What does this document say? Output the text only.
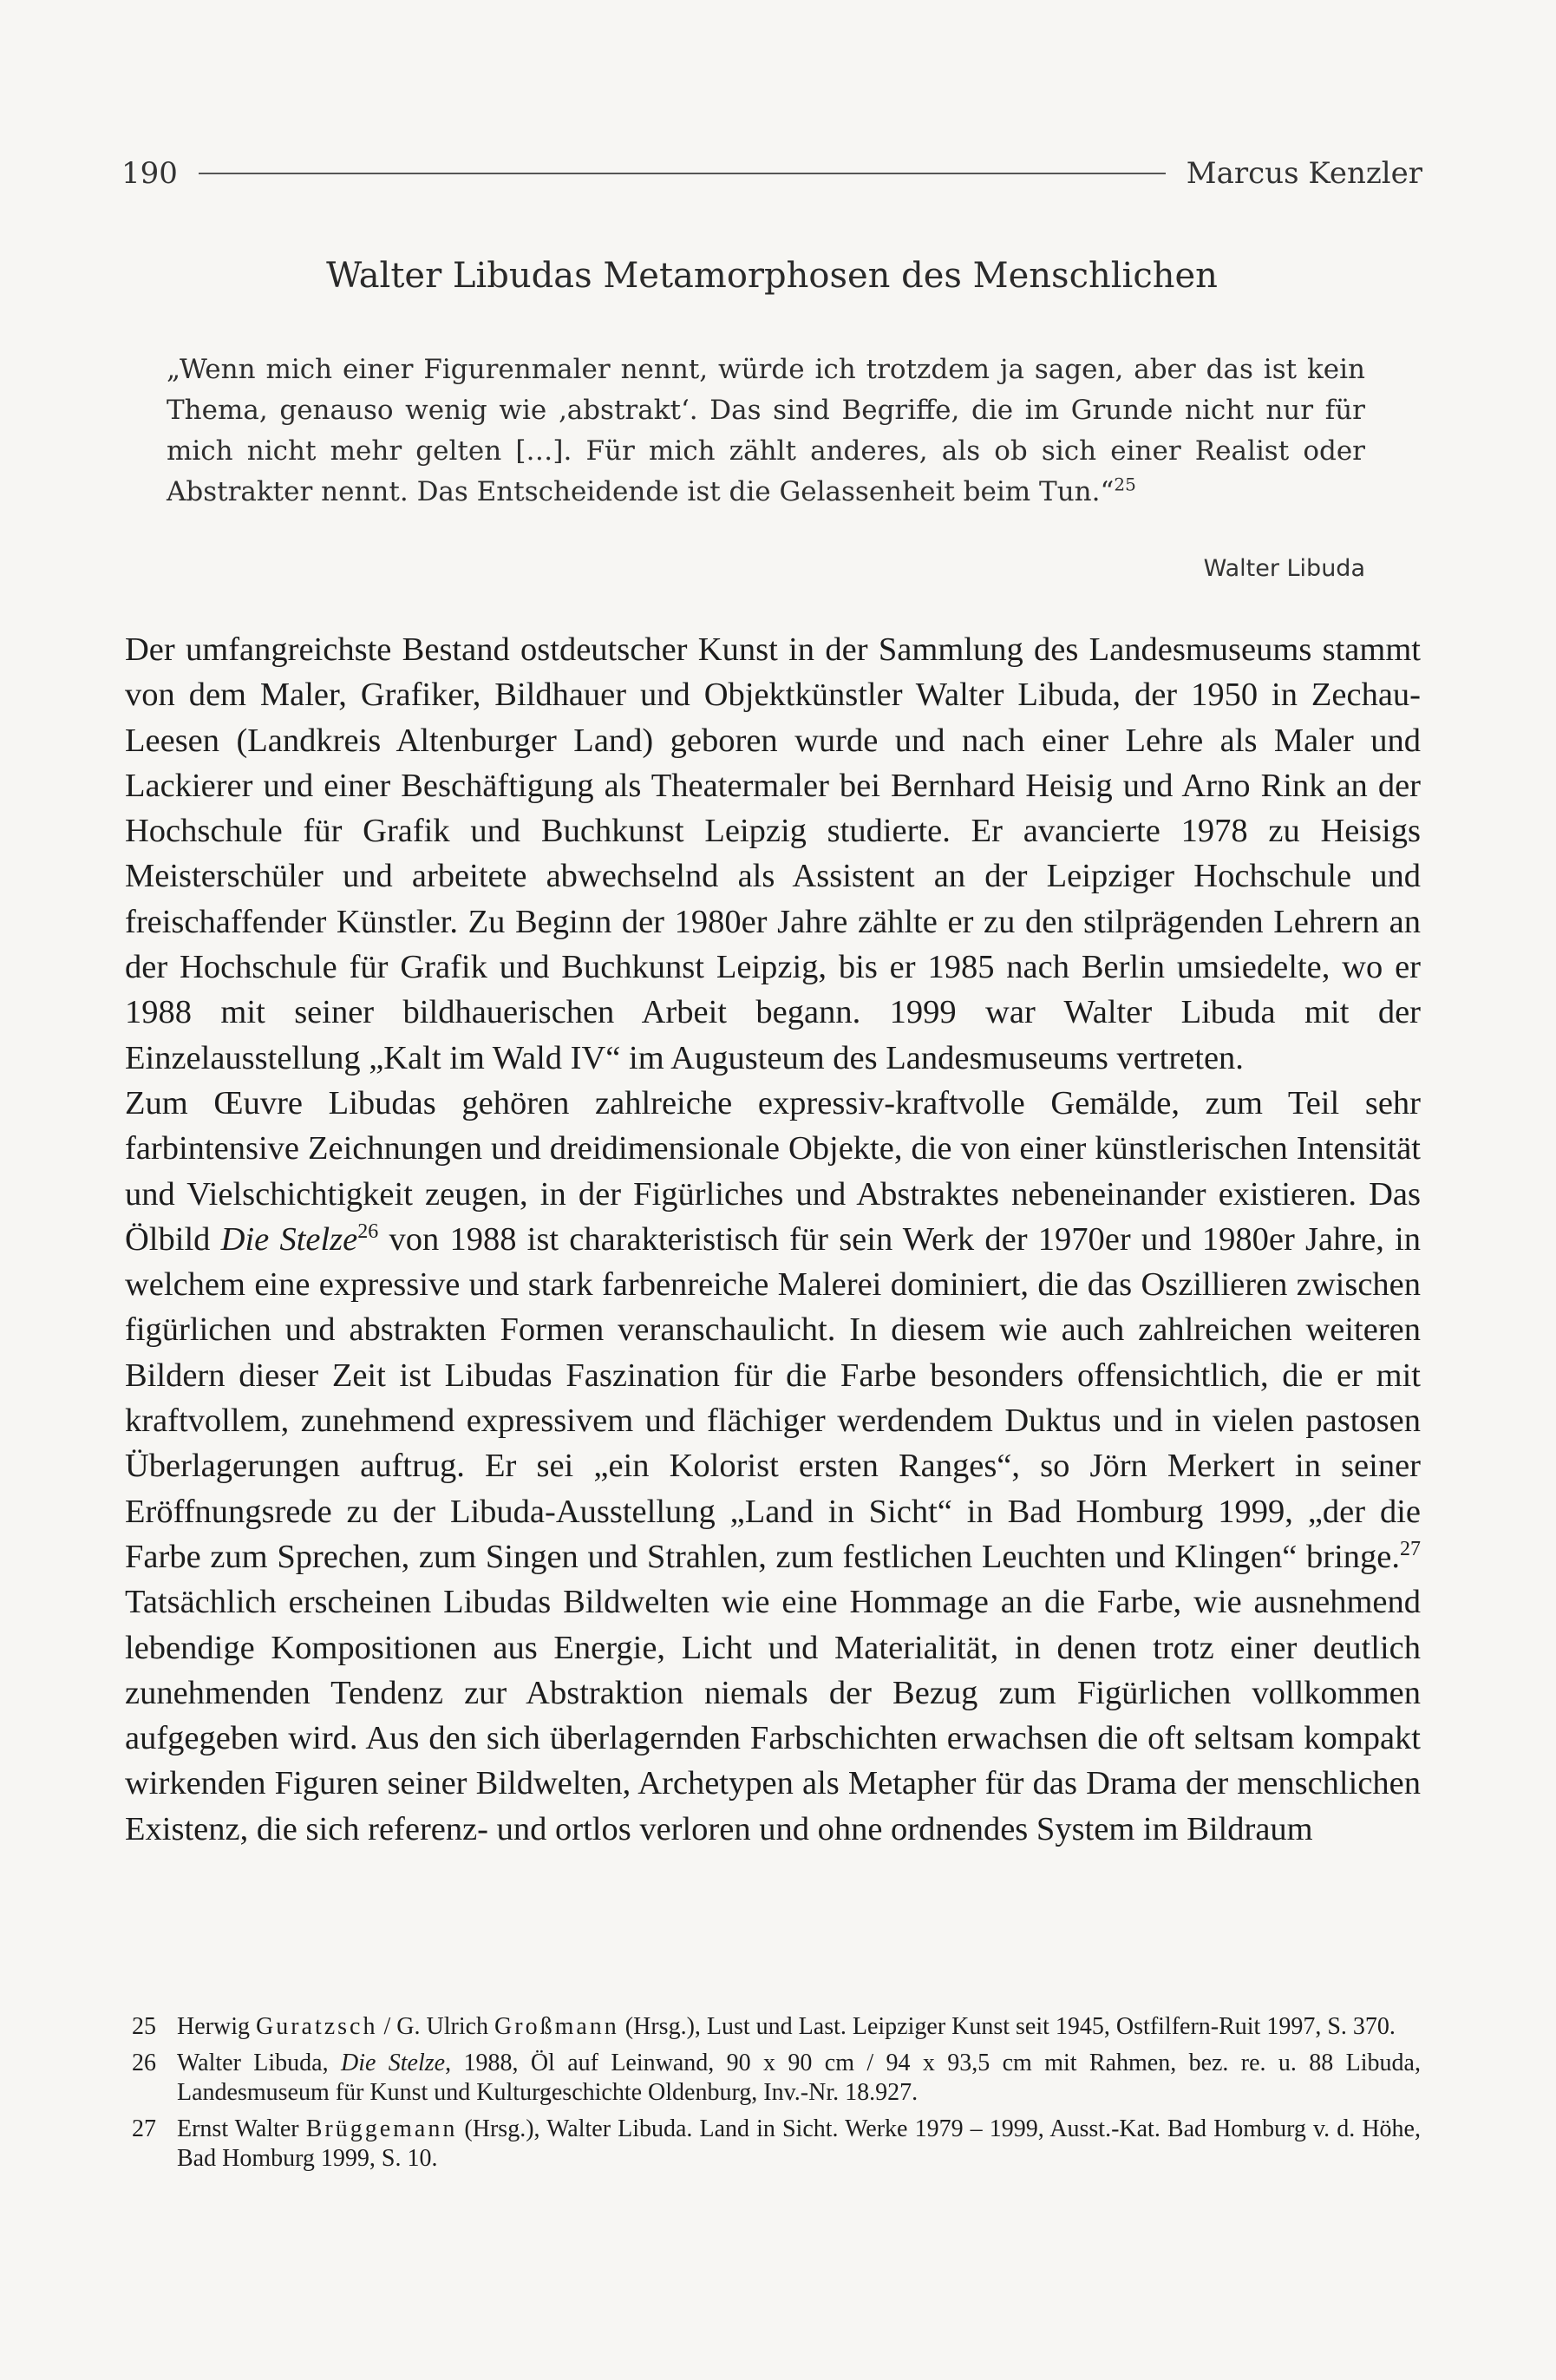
190	Marcus Kenzler
Walter Libudas Metamorphosen des Menschlichen

„Wenn mich einer Figurenmaler nennt, würde ich trotzdem ja sagen, aber das ist kein Thema, genauso wenig wie ‚abstrakt‘. Das sind Begriffe, die im Grunde nicht nur für mich nicht mehr gelten […]. Für mich zählt anderes, als ob sich einer Realist oder Abstrakter nennt. Das Entscheidende ist die Gelassenheit beim Tun.“$^{25}$

Walter Libuda

Der umfangreichste Bestand ostdeutscher Kunst in der Sammlung des Landesmuseums stammt von dem Maler, Grafiker, Bildhauer und Objektkünstler Walter Libuda, der 1950 in Zechau-Leesen (Landkreis Altenburger Land) geboren wurde und nach einer Lehre als Maler und Lackierer und einer Beschäftigung als Theatermaler bei Bernhard Heisig und Arno Rink an der Hochschule für Grafik und Buchkunst Leipzig studierte. Er avancierte 1978 zu Heisigs Meisterschüler und arbeitete abwechselnd als Assistent an der Leipziger Hochschule und freischaffender Künstler. Zu Beginn der 1980er Jahre zählte er zu den stilprägenden Lehrern an der Hochschule für Grafik und Buchkunst Leipzig, bis er 1985 nach Berlin umsiedelte, wo er 1988 mit seiner bildhauerischen Arbeit begann. 1999 war Walter Libuda mit der Einzelausstellung „Kalt im Wald IV“ im Augusteum des Landesmuseums vertreten.

Zum Œuvre Libudas gehören zahlreiche expressiv-kraftvolle Gemälde, zum Teil sehr farbintensive Zeichnungen und dreidimensionale Objekte, die von einer künstlerischen Intensität und Vielschichtigkeit zeugen, in der Figürliches und Abstraktes nebeneinander existieren. Das Ölbild Die Stelze$^{26}$ von 1988 ist charakteristisch für sein Werk der 1970er und 1980er Jahre, in welchem eine expressive und stark farbenreiche Malerei dominiert, die das Oszillieren zwischen figürlichen und abstrakten Formen veranschaulicht. In diesem wie auch zahlreichen weiteren Bildern dieser Zeit ist Libudas Faszination für die Farbe besonders offensichtlich, die er mit kraftvollem, zunehmend expressivem und flächiger werdendem Duktus und in vielen pastosen Überlagerungen auftrug. Er sei „ein Kolorist ersten Ranges“, so Jörn Merkert in seiner Eröffnungsrede zu der Libuda-Ausstellung „Land in Sicht“ in Bad Homburg 1999, „der die Farbe zum Sprechen, zum Singen und Strahlen, zum festlichen Leuchten und Klingen“ bringe.$^{27}$ Tatsächlich erscheinen Libudas Bildwelten wie eine Hommage an die Farbe, wie ausnehmend lebendige Kompositionen aus Energie, Licht und Materialität, in denen trotz einer deutlich zunehmenden Tendenz zur Abstraktion niemals der Bezug zum Figürlichen vollkommen aufgegeben wird. Aus den sich überlagernden Farbschichten erwachsen die oft seltsam kompakt wirkenden Figuren seiner Bildwelten, Archetypen als Metapher für das Drama der menschlichen Existenz, die sich referenz- und ortlos verloren und ohne ordnendes System im Bildraum

25 Herwig Guratzsch / G. Ulrich Großmann (Hrsg.), Lust und Last. Leipziger Kunst seit 1945, Ostfilfern-Ruit 1997, S. 370.
26 Walter Libuda, Die Stelze, 1988, Öl auf Leinwand, 90 x 90 cm / 94 x 93,5 cm mit Rahmen, bez. re. u. 88 Libuda, Landesmuseum für Kunst und Kulturgeschichte Oldenburg, Inv.-Nr. 18.927.
27 Ernst Walter Brüggemann (Hrsg.), Walter Libuda. Land in Sicht. Werke 1979 – 1999, Ausst.-Kat. Bad Homburg v. d. Höhe, Bad Homburg 1999, S. 10.
